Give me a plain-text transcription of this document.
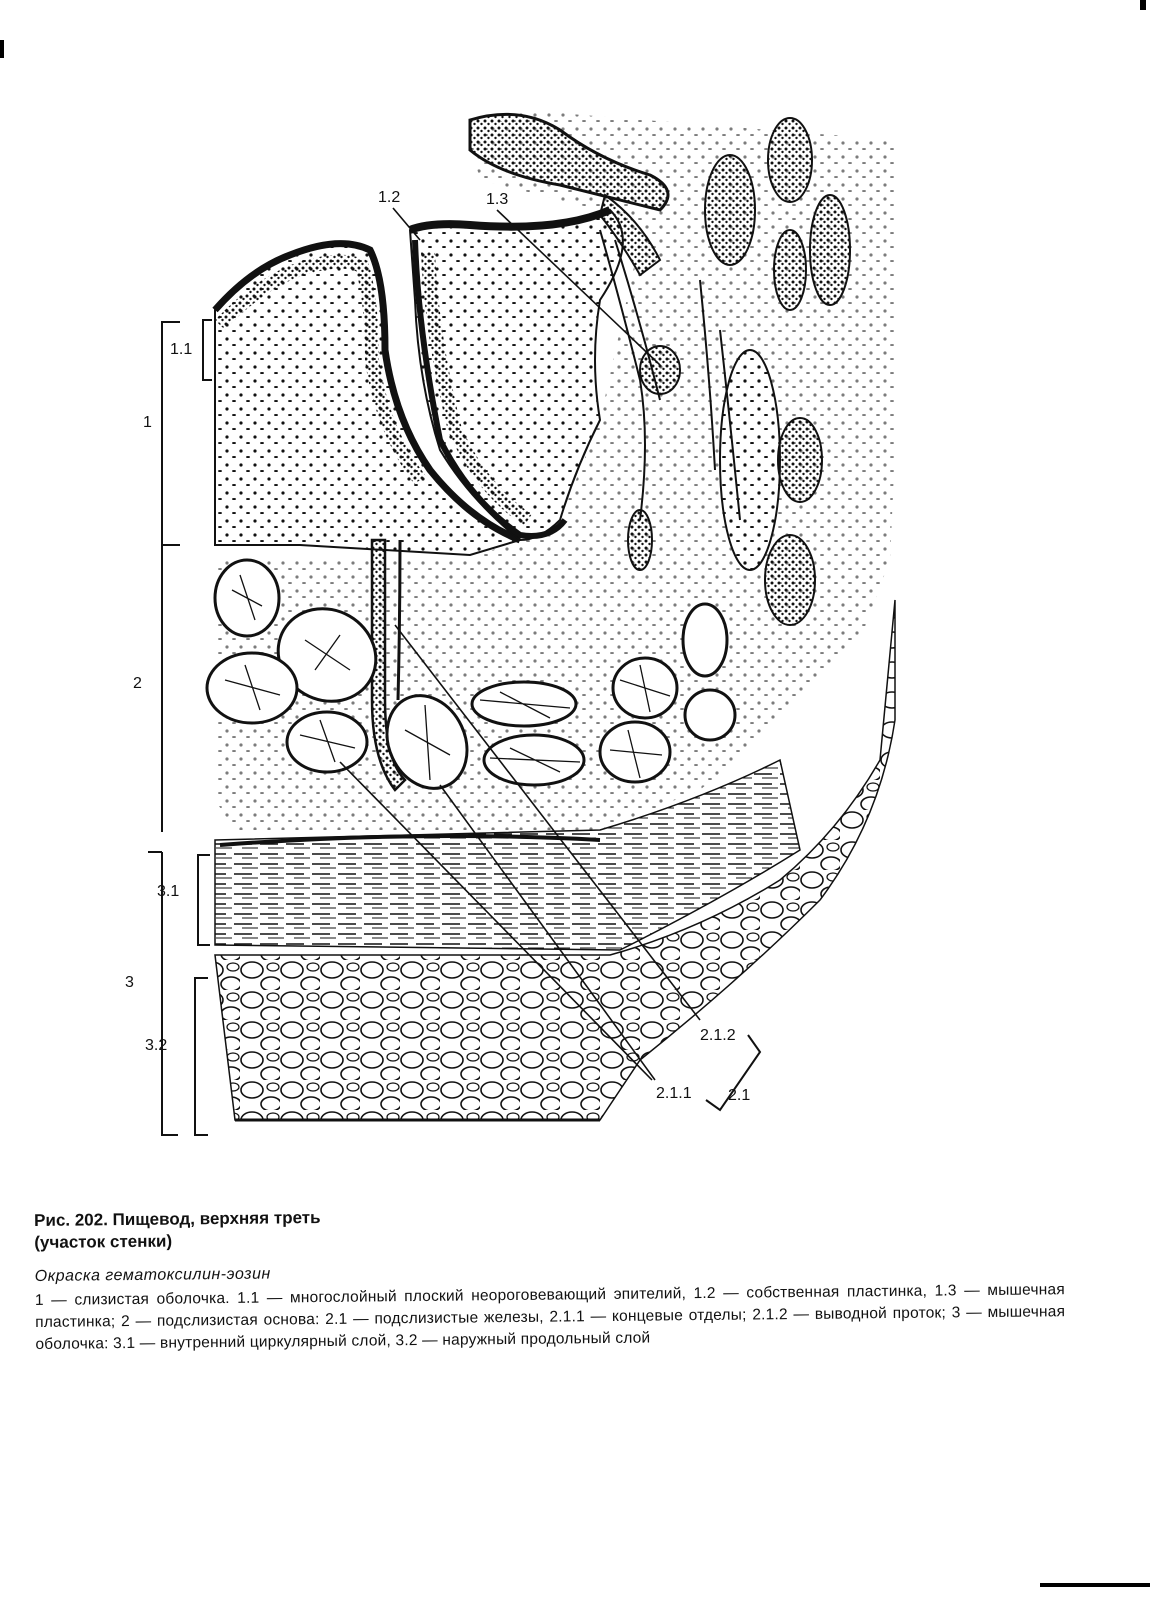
1.2	1.3
1.1
1
2
3.1
3
3.2
2.1.2
2.1.1 2.1

Рис. 202. Пищевод, верхняя треть

(участок стенки)

Окраска гематоксилин-эозин

1 — слизистая оболочка. 1.1 — многослойный плоский неороговевающий эпителий, 1.2 — собственная пластинка, 1.3 — мышечная пластинка; 2 — подслизистая основа: 2.1 — подслизистые железы, 2.1.1 — концевые отделы; 2.1.2 — выводной проток; 3 — мышечная оболочка: 3.1 — внутренний циркулярный слой, 3.2 — наружный продольный слой
